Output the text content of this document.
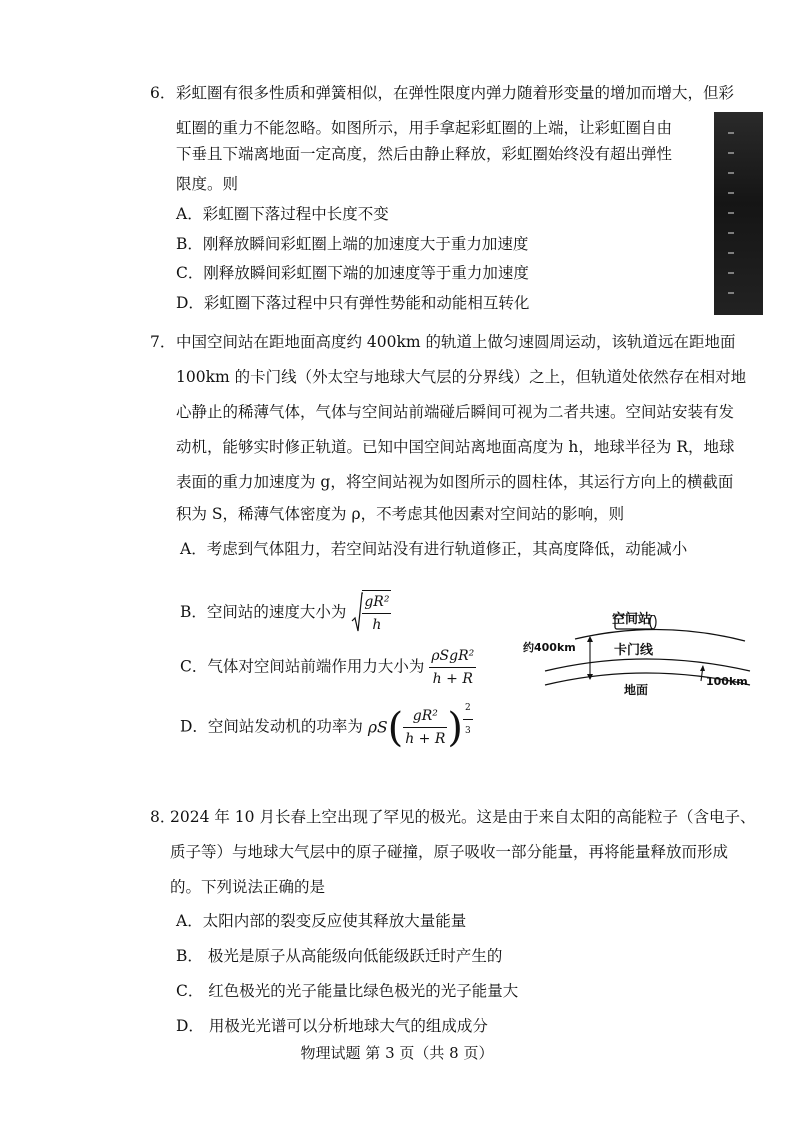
6． 彩虹圈有很多性质和弹簧相似，在弹性限度内弹力随着形变量的增加而增大，但彩
虹圈的重力不能忽略。如图所示，用手拿起彩虹圈的上端，让彩虹圈自由
下垂且下端离地面一定高度，然后由静止释放，彩虹圈始终没有超出弹性
限度。则
A．彩虹圈下落过程中长度不变
B．刚释放瞬间彩虹圈上端的加速度大于重力加速度
C．刚释放瞬间彩虹圈下端的加速度等于重力加速度
D．彩虹圈下落过程中只有弹性势能和动能相互转化
7． 中国空间站在距地面高度约 400km 的轨道上做匀速圆周运动，该轨道远在距地面
100km 的卡门线（外太空与地球大气层的分界线）之上，但轨道处依然存在相对地
心静止的稀薄气体，气体与空间站前端碰后瞬间可视为二者共速。空间站安装有发
动机，能够实时修正轨道。已知中国空间站离地面高度为 h，地球半径为 R，地球
表面的重力加速度为 g，将空间站视为如图所示的圆柱体，其运行方向上的横截面
积为 S，稀薄气体密度为 ρ，不考虑其他因素对空间站的影响，则
A．考虑到气体阻力，若空间站没有进行轨道修正，其高度降低，动能减小
B．空间站的速度大小为 $\frac{\text{gR²}}{h}$
C．气体对空间站前端作用力大小为 $\frac{\text{ρSgR²}}{h + R}$
D．空间站发动机的功率为 $\rho S( \frac{\text{gR²}}{h + R}$ ) $\frac{2}{3}$
空间站
约400km	卡门线
地面
100km
8．
2024 年 10 月长春上空出现了罕见的极光。这是由于来自太阳的高能粒子（含电子、
质子等）与地球大气层中的原子碰撞，原子吸收一部分能量，再将能量释放而形成
的。下列说法正确的是
A．太阳内部的裂变反应使其释放大量能量
B． 极光是原子从高能级向低能级跃迁时产生的
C． 红色极光的光子能量比绿色极光的光子能量大
D． 用极光光谱可以分析地球大气的组成成分
物理试题 第 3 页（共 8 页）
